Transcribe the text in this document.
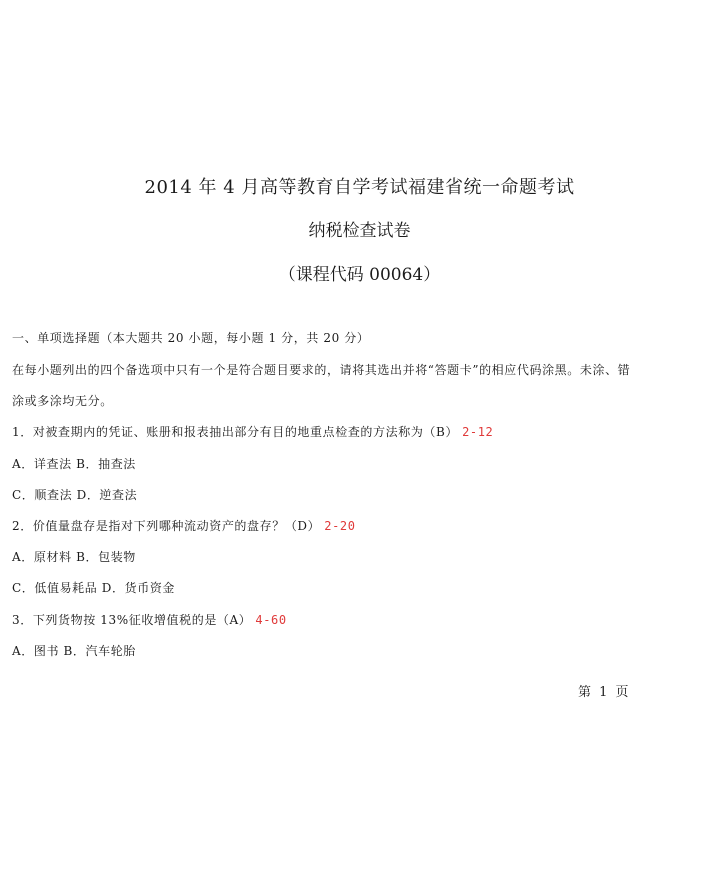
2014 年 4 月高等教育自学考试福建省统一命题考试
纳税检查试卷
（课程代码 00064）
一、单项选择题（本大题共 20 小题，每小题 1 分，共 20 分）
在每小题列出的四个备选项中只有一个是符合题目要求的，请将其选出并将“答题卡”的相应代码涂黑。未涂、错
涂或多涂均无分。
1．对被查期内的凭证、账册和报表抽出部分有目的地重点检查的方法称为（B） 2-12
A．详查法 B．抽查法
C．顺查法 D．逆查法
2．价值量盘存是指对下列哪种流动资产的盘存？（D） 2-20
A．原材料 B．包装物
C．低值易耗品 D．货币资金
3．下列货物按 13%征收增值税的是（A） 4-60
A．图书 B．汽车轮胎
第 1 页
